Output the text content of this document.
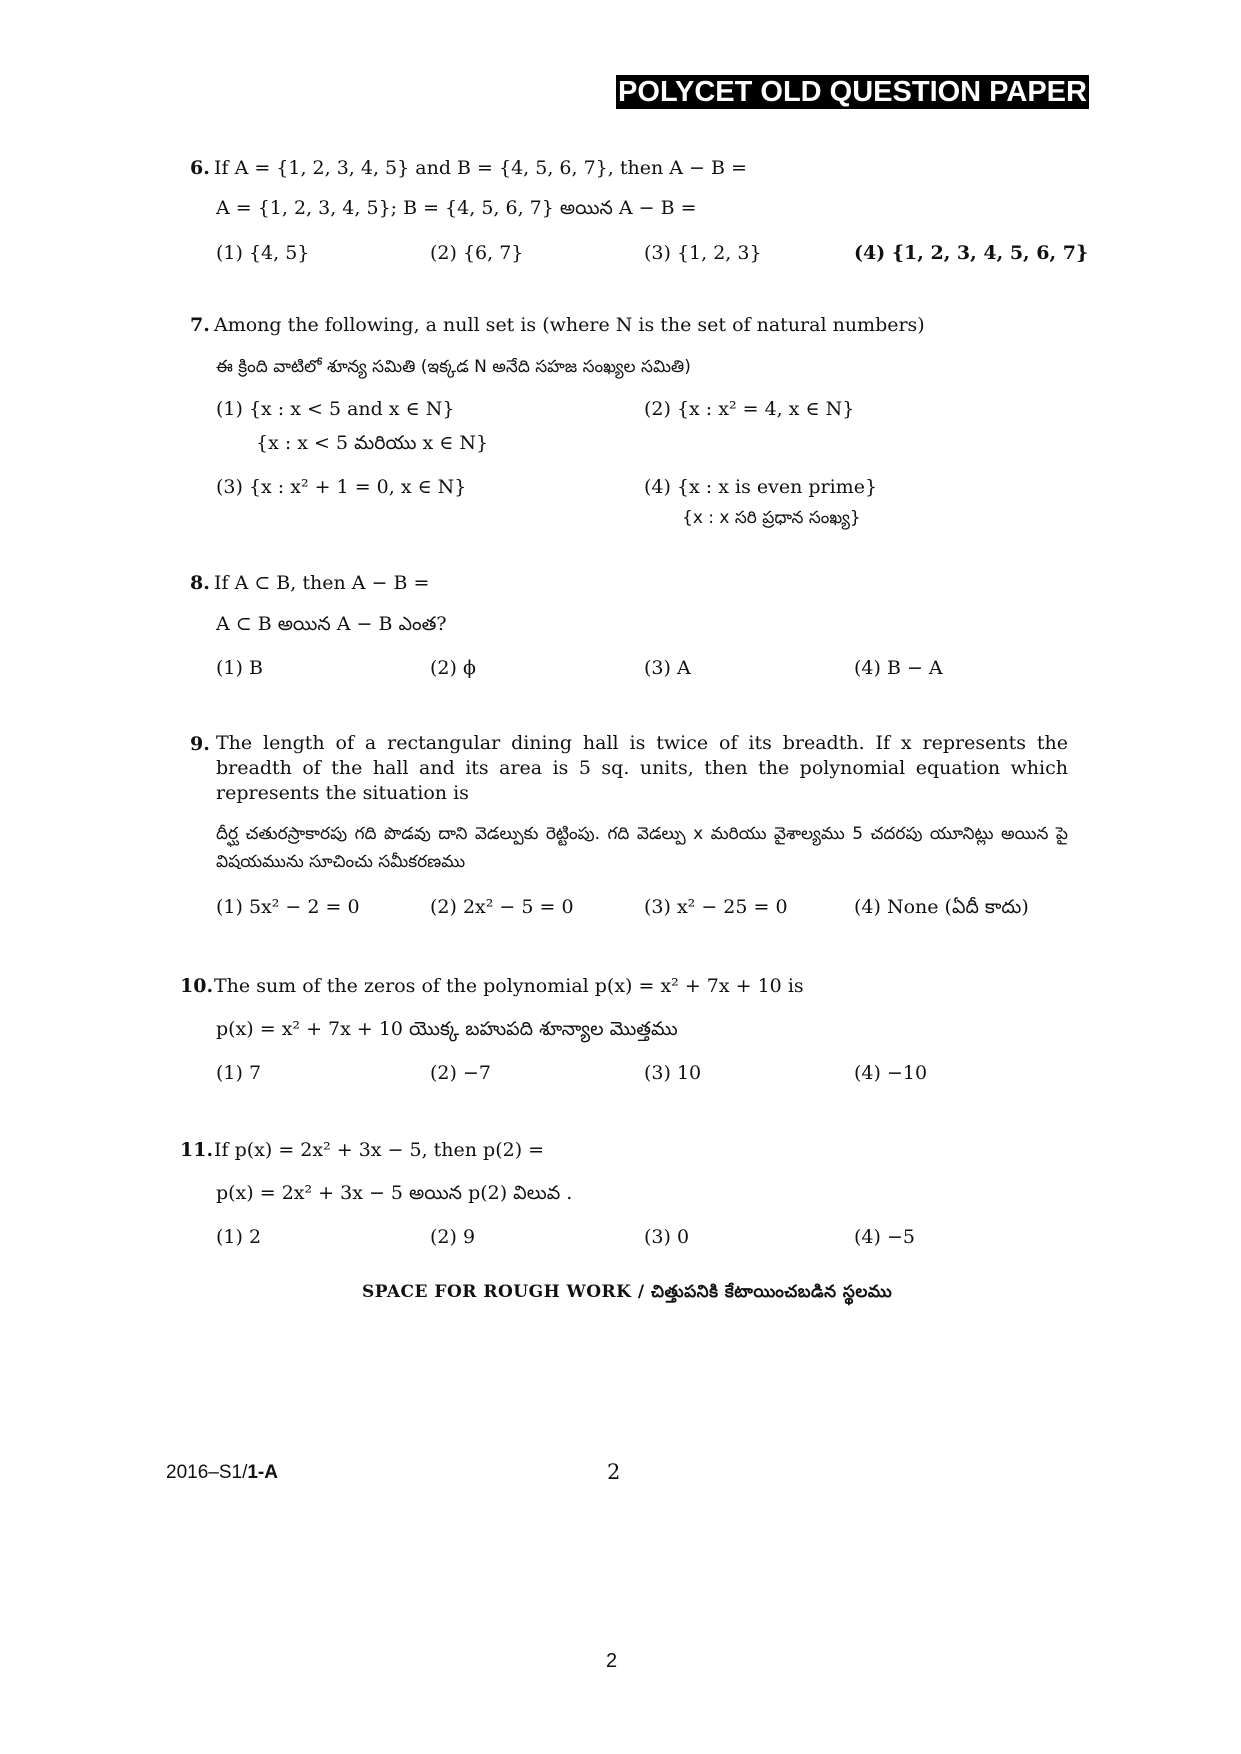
POLYCET OLD QUESTION PAPER
6. If A = {1, 2, 3, 4, 5} and B = {4, 5, 6, 7}, then A − B =
A = {1, 2, 3, 4, 5}; B = {4, 5, 6, 7} అయిన A − B =
(1) {4, 5}	(2) {6, 7}	(3) {1, 2, 3}	(4) {1, 2, 3, 4, 5, 6, 7}
7. Among the following, a null set is (where N is the set of natural numbers)
ఈ క్రింది వాటిలో శూన్య సమితి (ఇక్కడ N అనేది సహజ సంఖ్యల సమితి)
(1) {x : x < 5 and x ∈ N}
{x : x < 5 మరియు x ∈ N}
(2) {x : x² = 4, x ∈ N}
(3) {x : x² + 1 = 0, x ∈ N}	(4) {x : x is even prime}
{x : x సరి ప్రధాన సంఖ్య}
8. If A ⊂ B, then A − B =
A ⊂ B అయిన A − B ఎంత?
(1) B	(2) ϕ	(3) A	(4) B − A
9. The length of a rectangular dining hall is twice of its breadth. If x represents the breadth of the hall and its area is 5 sq. units, then the polynomial equation which represents the situation is
దీర్ఘ చతురస్రాకారపు గది పొడవు దాని వెడల్పుకు రెట్టింపు. గది వెడల్పు x మరియు వైశాల్యము 5 చదరపు యూనిట్లు అయిన పై విషయమును సూచించు సమీకరణము
(1) 5x² − 2 = 0	(2) 2x² − 5 = 0	(3) x² − 25 = 0	(4) None (ఏదీ కాదు)
10. The sum of the zeros of the polynomial p(x) = x² + 7x + 10 is
p(x) = x² + 7x + 10 యొక్క బహుపది శూన్యాల మొత్తము
(1) 7	(2) −7	(3) 10	(4) −10
11. If p(x) = 2x² + 3x − 5, then p(2) =
p(x) = 2x² + 3x − 5 అయిన p(2) విలువ .
(1) 2	(2) 9	(3) 0	(4) −5
SPACE FOR ROUGH WORK / చిత్తుపనికి కేటాయించబడిన స్థలము
2016–S1/1-A	2
2
